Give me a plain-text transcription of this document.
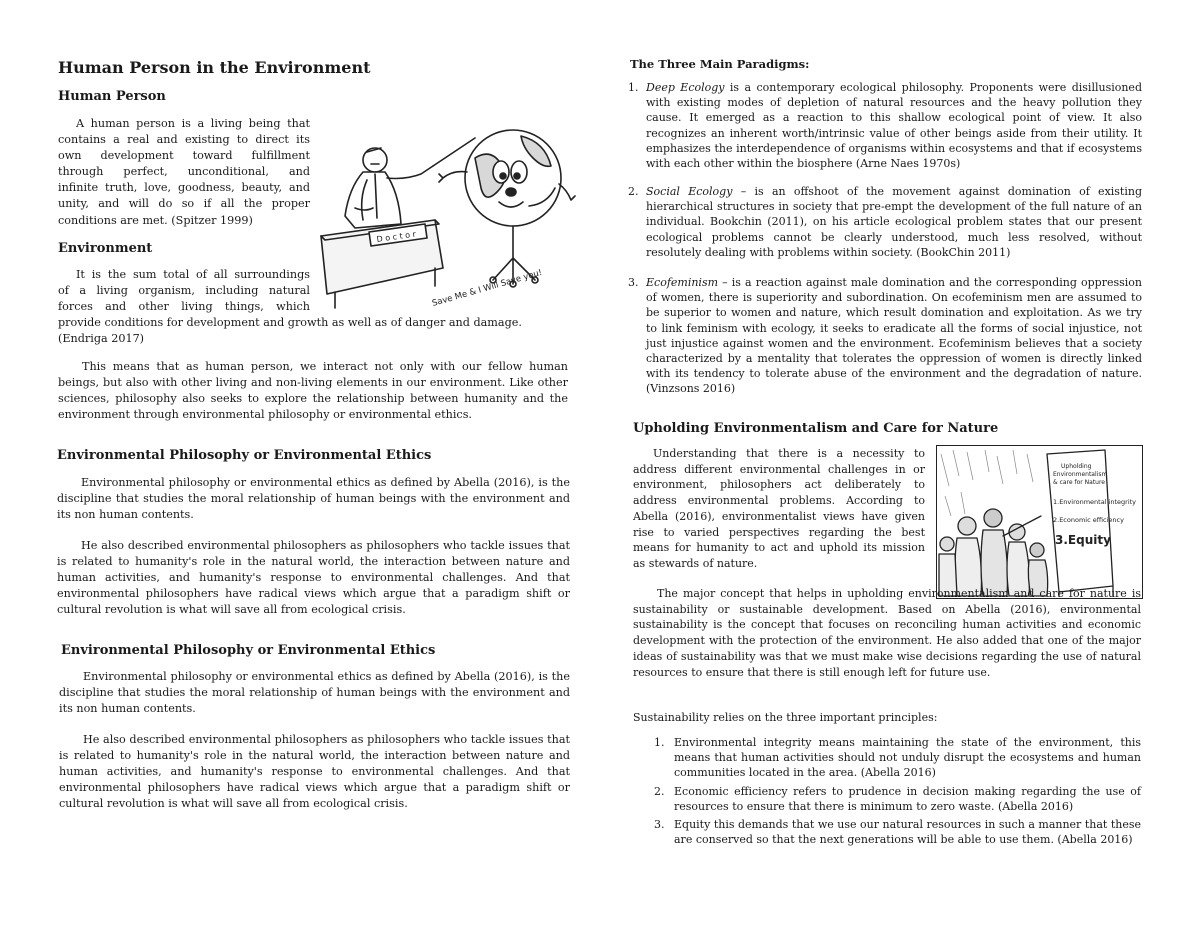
Human Person in the Environment
Human Person

A human person is a living being that

contains a real and existing to direct its

own development toward fulfillment

through perfect, unconditional, and

infinite truth, love, goodness, beauty, and

unity, and will do so if all the proper

conditions are met. (Spitzer 1999)

Environment

It is the sum total of all surroundings

of a living organism, including natural

forces and other living things, which

provide conditions for development and growth as well as of danger and damage.

(Endriga 2017)

This means that as human person, we interact not only with our fellow human beings, but also with other living and non-living elements in our environment. Like other sciences, philosophy also seeks to explore the relationship between humanity and the environment through environmental philosophy or environmental ethics.

D o c t o r
Save Me & I Will Save you!
Environmental Philosophy or Environmental Ethics

Environmental philosophy or environmental ethics as defined by Abella (2016), is the discipline that studies the moral relationship of human beings with the environment and its non human contents.

He also described environmental philosophers as philosophers who tackle issues that is related to humanity's role in the natural world, the interaction between nature and human activities, and humanity's response to environmental challenges. And that environmental philosophers have radical views which argue that a paradigm shift or cultural revolution is what will save all from ecological crisis.

Environmental Philosophy or Environmental Ethics

Environmental philosophy or environmental ethics as defined by Abella (2016), is the discipline that studies the moral relationship of human beings with the environment and its non human contents.

He also described environmental philosophers as philosophers who tackle issues that is related to humanity's role in the natural world, the interaction between nature and human activities, and humanity's response to environmental challenges. And that environmental philosophers have radical views which argue that a paradigm shift or cultural revolution is what will save all from ecological crisis.

The Three Main Paradigms:
1. Deep Ecology is a contemporary ecological philosophy. Proponents were disillusioned with existing modes of depletion of natural resources and the heavy pollution they cause. It emerged as a reaction to this shallow ecological point of view. It also recognizes an inherent worth/intrinsic value of other beings aside from their utility. It emphasizes the interdependence of organisms within ecosystems and that if ecosystems with each other within the biosphere (Arne Naes 1970s)
2. Social Ecology – is an offshoot of the movement against domination of existing hierarchical structures in society that pre-empt the development of the full nature of an individual. Bookchin (2011), on his article ecological problem states that our present ecological problems cannot be clearly understood, much less resolved, without resolutely dealing with problems within society. (BookChin 2011)
3. Ecofeminism – is a reaction against male domination and the corresponding oppression of women, there is superiority and subordination. On ecofeminism men are assumed to be superior to women and nature, which result domination and exploitation. As we try to link feminism with ecology, it seeks to eradicate all the forms of social injustice, not just injustice against women and the environment. Ecofeminism believes that a society characterized by a mentality that tolerates the oppression of women is directly linked with its tendency to tolerate abuse of the environment and the degradation of nature. (Vinzsons 2016)
Upholding Environmentalism and Care for Nature

Understanding that there is a necessity to

address different environmental challenges in or

environment, philosophers act deliberately to

address environmental problems. According to

Abella (2016), environmentalist views have given

rise to varied perspectives regarding the best

means for humanity to act and uphold its mission

as stewards of nature.

Upholding
Environmentalism
& care for Nature
1.Environmental integrity
2.Economic efficiency
3.Equity

The major concept that helps in upholding environmentalism and care for nature is sustainability or sustainable development. Based on Abella (2016), environmental sustainability is the concept that focuses on reconciling human activities and economic development with the protection of the environment. He also added that one of the major ideas of sustainability was that we must make wise decisions regarding the use of natural resources to ensure that there is still enough left for future use.

Sustainability relies on the three important principles:

1. Environmental integrity means maintaining the state of the environment, this means that human activities should not unduly disrupt the ecosystems and human communities located in the area. (Abella 2016)
2. Economic efficiency refers to prudence in decision making regarding the use of resources to ensure that there is minimum to zero waste. (Abella 2016)
3. Equity this demands that we use our natural resources in such a manner that these are conserved so that the next generations will be able to use them. (Abella 2016)
